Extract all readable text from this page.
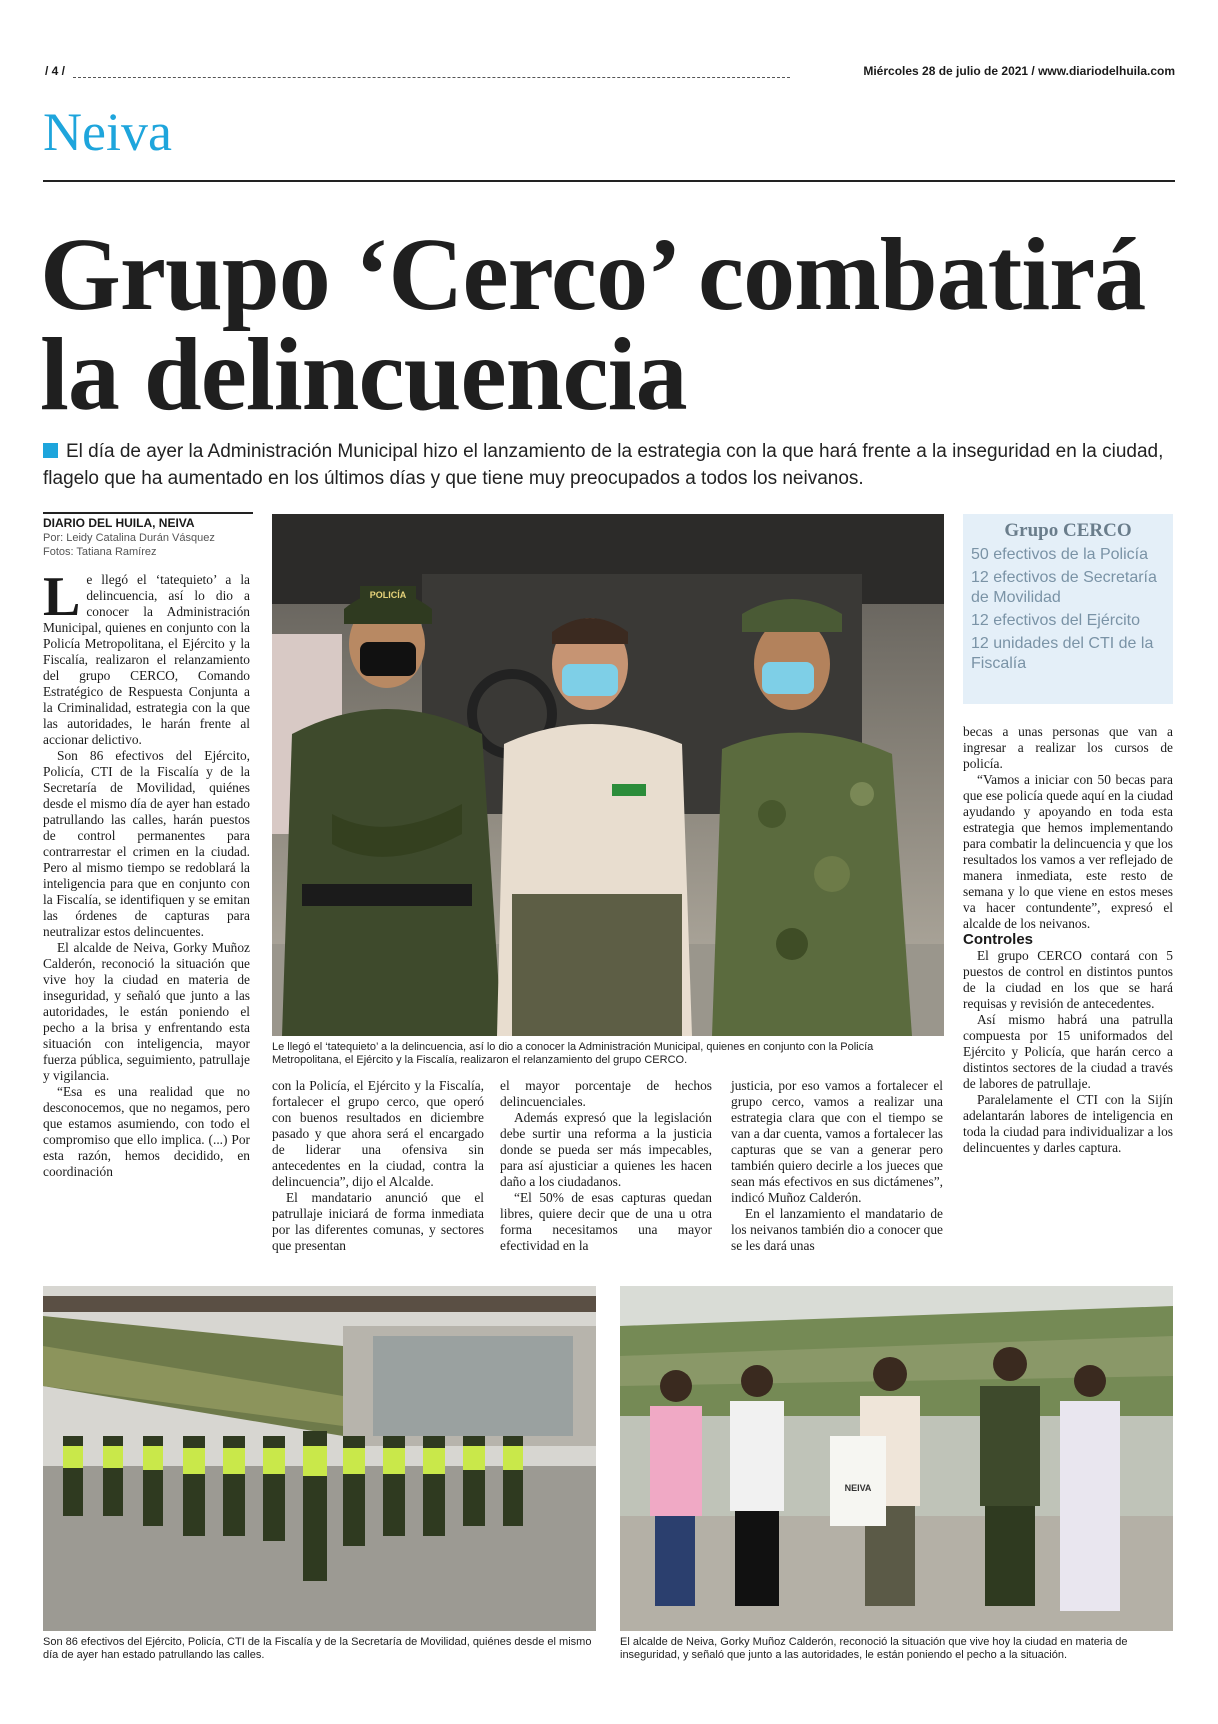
/ 4 /	Miércoles 28 de julio de 2021 / www.diariodelhuila.com
Neiva
Grupo ‘Cerco’ combatirá la delincuencia
El día de ayer la Administración Municipal hizo el lanzamiento de la estrategia con la que hará frente a la inseguridad en la ciudad, flagelo que ha aumentado en los últimos días y que tiene muy preocupados a todos los neivanos.
DIARIO DEL HUILA, NEIVA
Por: Leidy Catalina Durán Vásquez
Fotos: Tatiana Ramírez

Le llegó el ‘tatequieto’ a la delincuencia, así lo dio a conocer la Administración Municipal, quienes en conjunto con la Policía Metropolitana, el Ejército y la Fiscalía, realizaron el relanzamiento del grupo CERCO, Comando Estratégico de Respuesta Conjunta a la Criminalidad, estrategia con la que las autoridades, le harán frente al accionar delictivo.

Son 86 efectivos del Ejército, Policía, CTI de la Fiscalía y de la Secretaría de Movilidad, quiénes desde el mismo día de ayer han estado patrullando las calles, harán puestos de control permanentes para contrarrestar el crimen en la ciudad. Pero al mismo tiempo se redoblará la inteligencia para que en conjunto con la Fiscalía, se identifiquen y se emitan las órdenes de capturas para neutralizar estos delincuentes.

El alcalde de Neiva, Gorky Muñoz Calderón, reconoció la situación que vive hoy la ciudad en materia de inseguridad, y señaló que junto a las autoridades, le están poniendo el pecho a la brisa y enfrentando esta situación con inteligencia, mayor fuerza pública, seguimiento, patrullaje y vigilancia.

“Esa es una realidad que no desconocemos, que no negamos, pero que estamos asumiendo, con todo el compromiso que ello implica. (...) Por esta razón, hemos decidido, en coordinación

POLICÍA
Le llegó el ‘tatequieto’ a la delincuencia, así lo dio a conocer la Administración Municipal, quienes en conjunto con la Policía Metropolitana, el Ejército y la Fiscalía, realizaron el relanzamiento del grupo CERCO.

con la Policía, el Ejército y la Fiscalía, fortalecer el grupo cerco, que operó con buenos resultados en diciembre pasado y que ahora será el encargado de liderar una ofensiva sin antecedentes en la ciudad, contra la delincuencia”, dijo el Alcalde.

El mandatario anunció que el patrullaje iniciará de forma inmediata por las diferentes comunas, y sectores que presentan

el mayor porcentaje de hechos delincuenciales.

Además expresó que la legislación debe surtir una reforma a la justicia donde se pueda ser más impecables, para así ajusticiar a quienes les hacen daño a los ciudadanos.

“El 50% de esas capturas quedan libres, quiere decir que de una u otra forma necesitamos una mayor efectividad en la

justicia, por eso vamos a fortalecer el grupo cerco, vamos a realizar una estrategia clara que con el tiempo se van a dar cuenta, vamos a fortalecer las capturas que se van a generar pero también quiero decirle a los jueces que sean más efectivos en sus dictámenes”, indicó Muñoz Calderón.

En el lanzamiento el mandatario de los neivanos también dio a conocer que se les dará unas

Grupo CERCO
50 efectivos de la Policía
12 efectivos de Secretaría de Movilidad
12 efectivos del Ejército
12 unidades del CTI de la Fiscalía

becas a unas personas que van a ingresar a realizar los cursos de policía.

“Vamos a iniciar con 50 becas para que ese policía quede aquí en la ciudad ayudando y apoyando en toda esta estrategia que hemos implementando para combatir la delincuencia y que los resultados los vamos a ver reflejado de manera inmediata, este resto de semana y lo que viene en estos meses va hacer contundente”, expresó el alcalde de los neivanos.

Controles

El grupo CERCO contará con 5 puestos de control en distintos puntos de la ciudad en los que se hará requisas y revisión de antecedentes.

Así mismo habrá una patrulla compuesta por 15 uniformados del Ejército y Policía, que harán cerco a distintos sectores de la ciudad a través de labores de patrullaje.

Paralelamente el CTI con la Sijín adelantarán labores de inteligencia en toda la ciudad para individualizar a los delincuentes y darles captura.

Son 86 efectivos del Ejército, Policía, CTI de la Fiscalía y de la Secretaría de Movilidad, quiénes desde el mismo día de ayer han estado patrullando las calles.
NEIVA
El alcalde de Neiva, Gorky Muñoz Calderón, reconoció la situación que vive hoy la ciudad en materia de inseguridad, y señaló que junto a las autoridades, le están poniendo el pecho a la situación.
